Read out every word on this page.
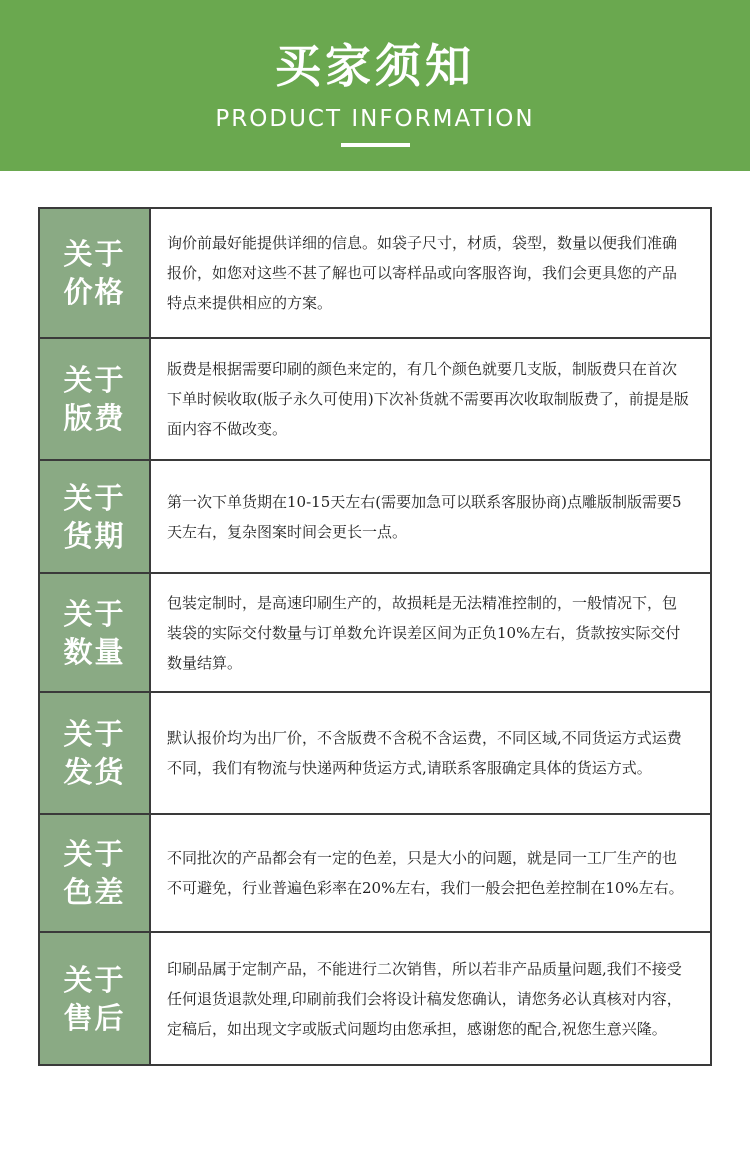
买家须知
PRODUCT INFORMATION
关于价格
询价前最好能提供详细的信息。如袋子尺寸，材质，袋型，数量以便我们准确报价，如您对这些不甚了解也可以寄样品或向客服咨询，我们会更具您的产品特点来提供相应的方案。
关于版费
版费是根据需要印刷的颜色来定的，有几个颜色就要几支版，制版费只在首次下单时候收取(版子永久可使用)下次补货就不需要再次收取制版费了，前提是版面内容不做改变。
关于货期
第一次下单货期在10-15天左右(需要加急可以联系客服协商)点雕版制版需要5天左右，复杂图案时间会更长一点。
关于数量
包装定制时，是高速印刷生产的，故损耗是无法精准控制的，一般情况下，包装袋的实际交付数量与订单数允许误差区间为正负10%左右，货款按实际交付数量结算。
关于发货
默认报价均为出厂价，不含版费不含税不含运费，不同区域,不同货运方式运费不同，我们有物流与快递两种货运方式,请联系客服确定具体的货运方式。
关于色差
不同批次的产品都会有一定的色差，只是大小的问题，就是同一工厂生产的也不可避免，行业普遍色彩率在20%左右，我们一般会把色差控制在10%左右。
关于售后
印刷品属于定制产品，不能进行二次销售，所以若非产品质量问题,我们不接受任何退货退款处理,印刷前我们会将设计稿发您确认，请您务必认真核对内容，定稿后，如出现文字或版式问题均由您承担，感谢您的配合,祝您生意兴隆。
